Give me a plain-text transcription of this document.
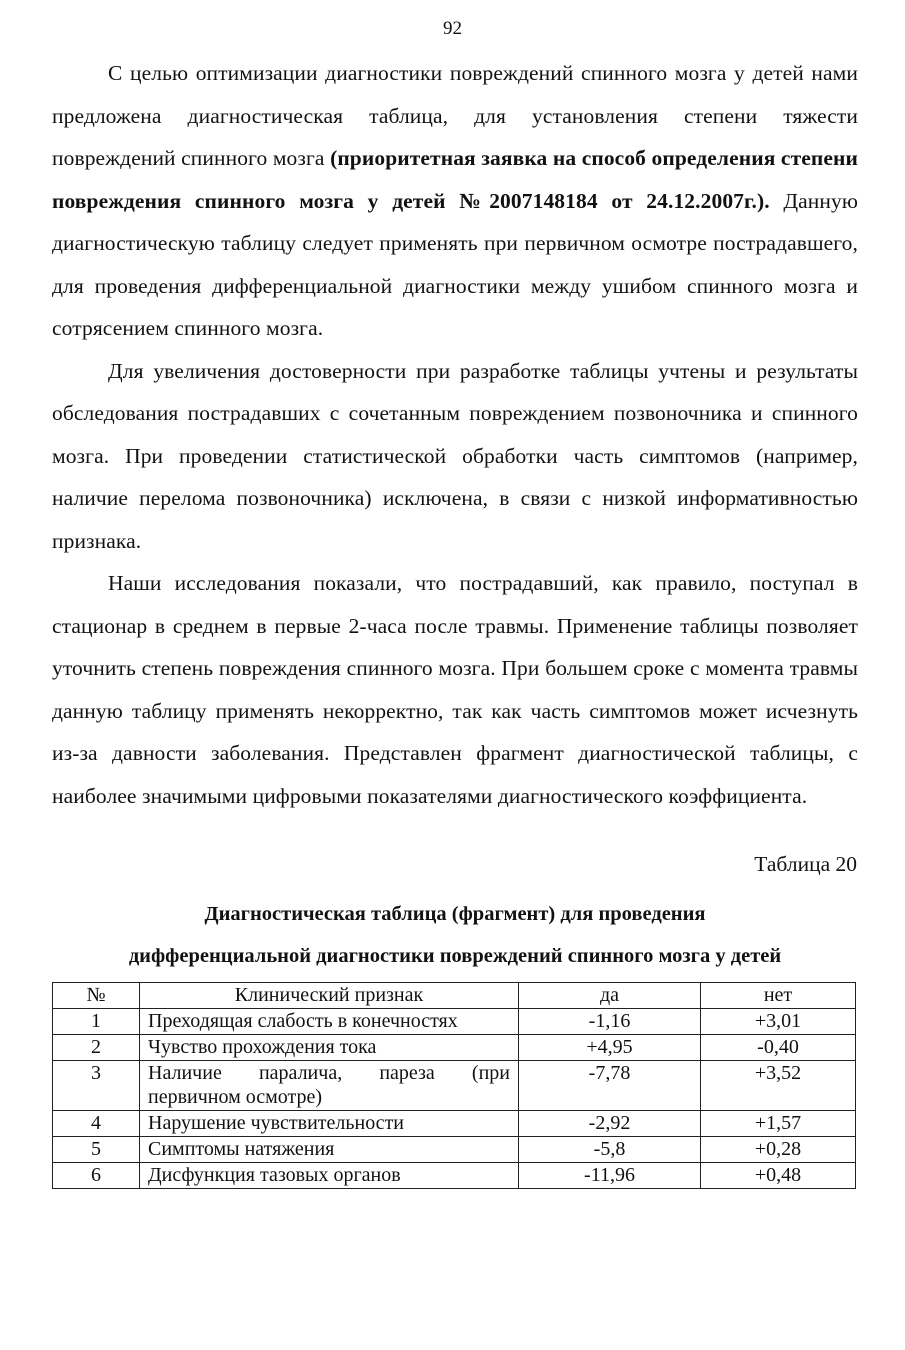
92

С целью оптимизации диагностики повреждений спинного мозга у детей нами предложена диагностическая таблица, для установления степени тяжести повреждений спинного мозга (приоритетная заявка на способ определения степени повреждения спинного мозга у детей №2007148184 от 24.12.2007г.). Данную диагностическую таблицу следует применять при первичном осмотре пострадавшего, для проведения дифференциальной диагностики между ушибом спинного мозга и сотрясением спинного мозга.

Для увеличения достоверности при разработке таблицы учтены и результаты обследования пострадавших с сочетанным повреждением позвоночника и спинного мозга. При проведении статистической обработки часть симптомов (например, наличие перелома позвоночника) исключена, в связи с низкой информативностью признака.

Наши исследования показали, что пострадавший, как правило, поступал в стационар в среднем в первые 2-часа после травмы. Применение таблицы позволяет уточнить степень повреждения спинного мозга. При большем сроке с момента травмы данную таблицу применять некорректно, так как часть симптомов может исчезнуть из-за давности заболевания. Представлен фрагмент диагностической таблицы, с наиболее значимыми цифровыми показателями диагностического коэффициента.

Таблица 20
Диагностическая таблица (фрагмент) для проведения
дифференциальной диагностики повреждений спинного мозга у детей
№	Клинический признак	да	нет
1	Преходящая слабость в конечностях	-1,16	+3,01
2	Чувство прохождения тока	+4,95	-0,40
3	Наличие паралича, пареза (при первичном осмотре)	-7,78	+3,52
4	Нарушение чувствительности	-2,92	+1,57
5	Симптомы натяжения	-5,8	+0,28
6	Дисфункция тазовых органов	-11,96	+0,48
